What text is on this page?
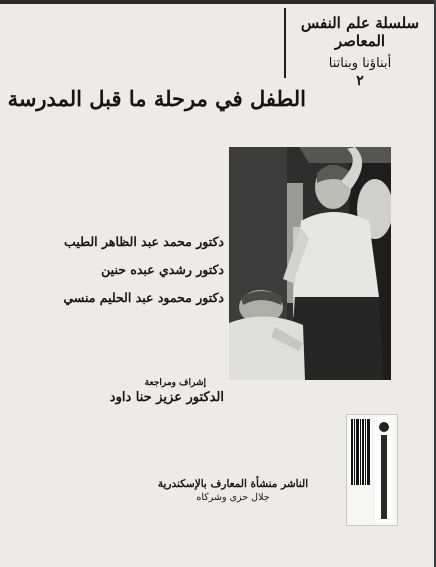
سلسلة علم النفس المعاصر
أبناؤنا وبناتنا
٢
الطفل في مرحلة ما قبل المدرسة
دكتور محمد عبد الظاهر الطيب
دكتور رشدي عبده حنين
دكتور محمود عبد الحليم منسي
إشراف ومراجعة
الدكتور عزيز حنا داود
الناشر منشأة المعارف بالإسكندرية
جلال حزى وشركاه
